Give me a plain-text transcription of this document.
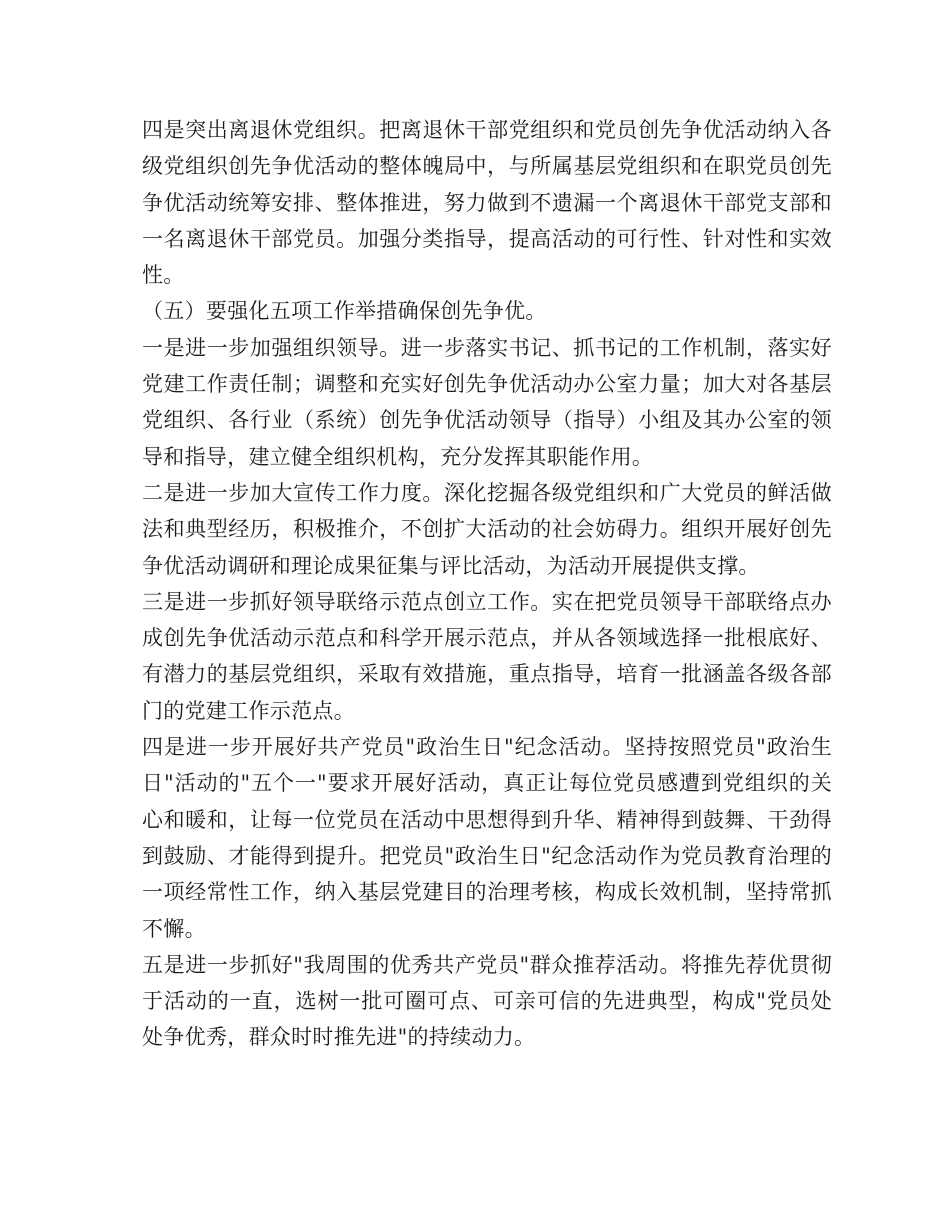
四是突出离退休党组织。把离退休干部党组织和党员创先争优活动纳入各级党组织创先争优活动的整体魄局中，与所属基层党组织和在职党员创先争优活动统筹安排、整体推进，努力做到不遗漏一个离退休干部党支部和一名离退休干部党员。加强分类指导，提高活动的可行性、针对性和实效性。

（五）要强化五项工作举措确保创先争优。

一是进一步加强组织领导。进一步落实书记、抓书记的工作机制，落实好党建工作责任制；调整和充实好创先争优活动办公室力量；加大对各基层党组织、各行业（系统）创先争优活动领导（指导）小组及其办公室的领导和指导，建立健全组织机构，充分发挥其职能作用。

二是进一步加大宣传工作力度。深化挖掘各级党组织和广大党员的鲜活做法和典型经历，积极推介，不创扩大活动的社会妨碍力。组织开展好创先争优活动调研和理论成果征集与评比活动，为活动开展提供支撑。

三是进一步抓好领导联络示范点创立工作。实在把党员领导干部联络点办成创先争优活动示范点和科学开展示范点，并从各领域选择一批根底好、有潜力的基层党组织，采取有效措施，重点指导，培育一批涵盖各级各部门的党建工作示范点。

四是进一步开展好共产党员"政治生日"纪念活动。坚持按照党员"政治生日"活动的"五个一"要求开展好活动，真正让每位党员感遭到党组织的关心和暖和，让每一位党员在活动中思想得到升华、精神得到鼓舞、干劲得到鼓励、才能得到提升。把党员"政治生日"纪念活动作为党员教育治理的一项经常性工作，纳入基层党建目的治理考核，构成长效机制，坚持常抓不懈。

五是进一步抓好"我周围的优秀共产党员"群众推荐活动。将推先荐优贯彻于活动的一直，选树一批可圈可点、可亲可信的先进典型，构成"党员处处争优秀，群众时时推先进"的持续动力。
